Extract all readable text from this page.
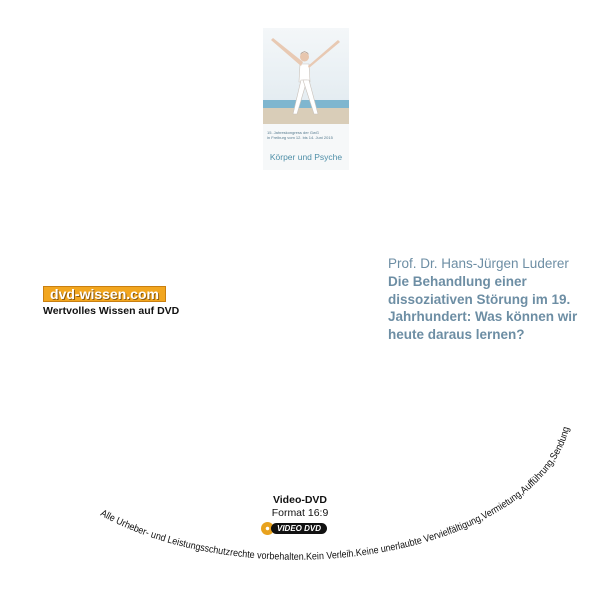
15. Jahreskongress der GwG
in Freiburg vom 12. bis 14. Juni 2015
Körper und Psyche
dvd-wissen.com
Wertvolles Wissen auf DVD
Prof. Dr. Hans-Jürgen Luderer
Die Behandlung einer dissoziativen Störung im 19. Jahrhundert: Was können wir heute daraus lernen?
Video-DVD
Format 16:9
VIDEO DVD
Alle Urheber- und Leistungsschutzrechte vorbehalten.Kein Verleih.Keine unerlaubte Vervielfältigung,Vermietung,Aufführung,Sendung
